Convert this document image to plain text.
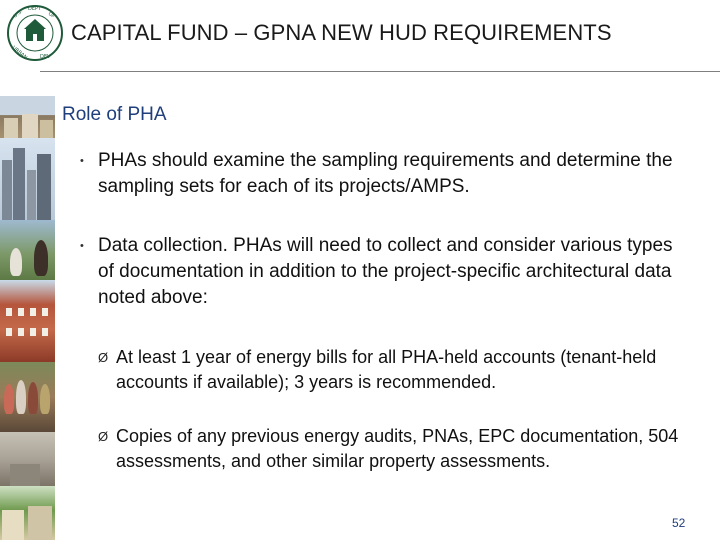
U.S. DEPT
OF
URBAN DEV
CAPITAL FUND – GPNA NEW HUD REQUIREMENTS
Role of PHA
• PHAs should examine the sampling requirements and determine the sampling sets for each of its projects/AMPS.
• Data collection. PHAs will need to collect and consider various types of documentation in addition to the project-specific architectural data noted above:
Ø At least 1 year of energy bills for all PHA-held accounts (tenant-held accounts if available); 3 years is recommended.
Ø Copies of any previous energy audits, PNAs, EPC documentation, 504 assessments, and other similar property assessments.
52
